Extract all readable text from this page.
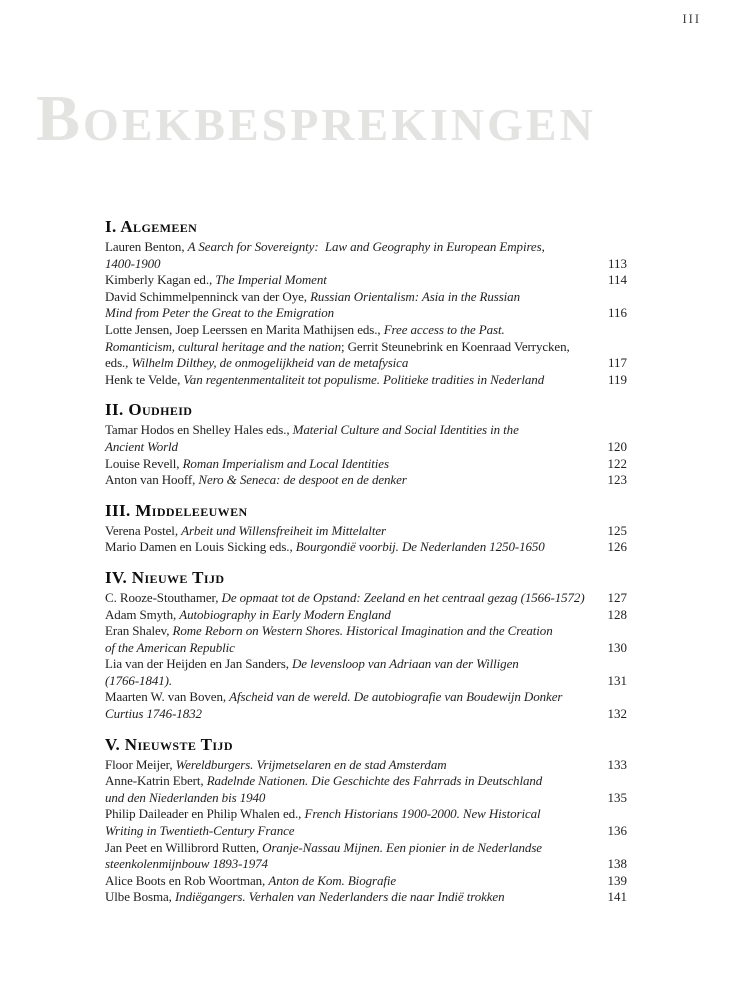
III
Boekbesprekingen
I. Algemeen
Lauren Benton, A Search for Sovereignty:  Law and Geography in European Empires,
1400-1900	113
Kimberly Kagan ed., The Imperial Moment	114
David Schimmelpenninck van der Oye, Russian Orientalism: Asia in the Russian
Mind from Peter the Great to the Emigration	116
Lotte Jensen, Joep Leerssen en Marita Mathijsen eds., Free access to the Past.
Romanticism, cultural heritage and the nation; Gerrit Steunebrink en Koenraad Verrycken,
eds., Wilhelm Dilthey, de onmogelijkheid van de metafysica	117
Henk te Velde, Van regentenmentaliteit tot populisme. Politieke tradities in Nederland	119
II. Oudheid
Tamar Hodos en Shelley Hales eds., Material Culture and Social Identities in the
Ancient World	120
Louise Revell, Roman Imperialism and Local Identities	122
Anton van Hooff, Nero & Seneca: de despoot en de denker	123
III. Middeleeuwen
Verena Postel, Arbeit und Willensfreiheit im Mittelalter	125
Mario Damen en Louis Sicking eds., Bourgondië voorbij. De Nederlanden 1250-1650	126
IV. Nieuwe Tijd
C. Rooze-Stouthamer, De opmaat tot de Opstand: Zeeland en het centraal gezag (1566-1572) 127
Adam Smyth, Autobiography in Early Modern England	128
Eran Shalev, Rome Reborn on Western Shores. Historical Imagination and the Creation
of the American Republic	130
Lia van der Heijden en Jan Sanders, De levensloop van Adriaan van der Willigen
(1766-1841).	131
Maarten W. van Boven, Afscheid van de wereld. De autobiografie van Boudewijn Donker
Curtius 1746-1832	132
V. Nieuwste Tijd
Floor Meijer, Wereldburgers. Vrijmetselaren en de stad Amsterdam	133
Anne-Katrin Ebert, Radelnde Nationen. Die Geschichte des Fahrrads in Deutschland
und den Niederlanden bis 1940	135
Philip Daileader en Philip Whalen ed., French Historians 1900-2000. New Historical
Writing in Twentieth-Century France	136
Jan Peet en Willibrord Rutten, Oranje-Nassau Mijnen. Een pionier in de Nederlandse
steenkolenmijnbouw 1893-1974	138
Alice Boots en Rob Woortman, Anton de Kom. Biografie	139
Ulbe Bosma, Indiëgangers. Verhalen van Nederlanders die naar Indië trokken	141
